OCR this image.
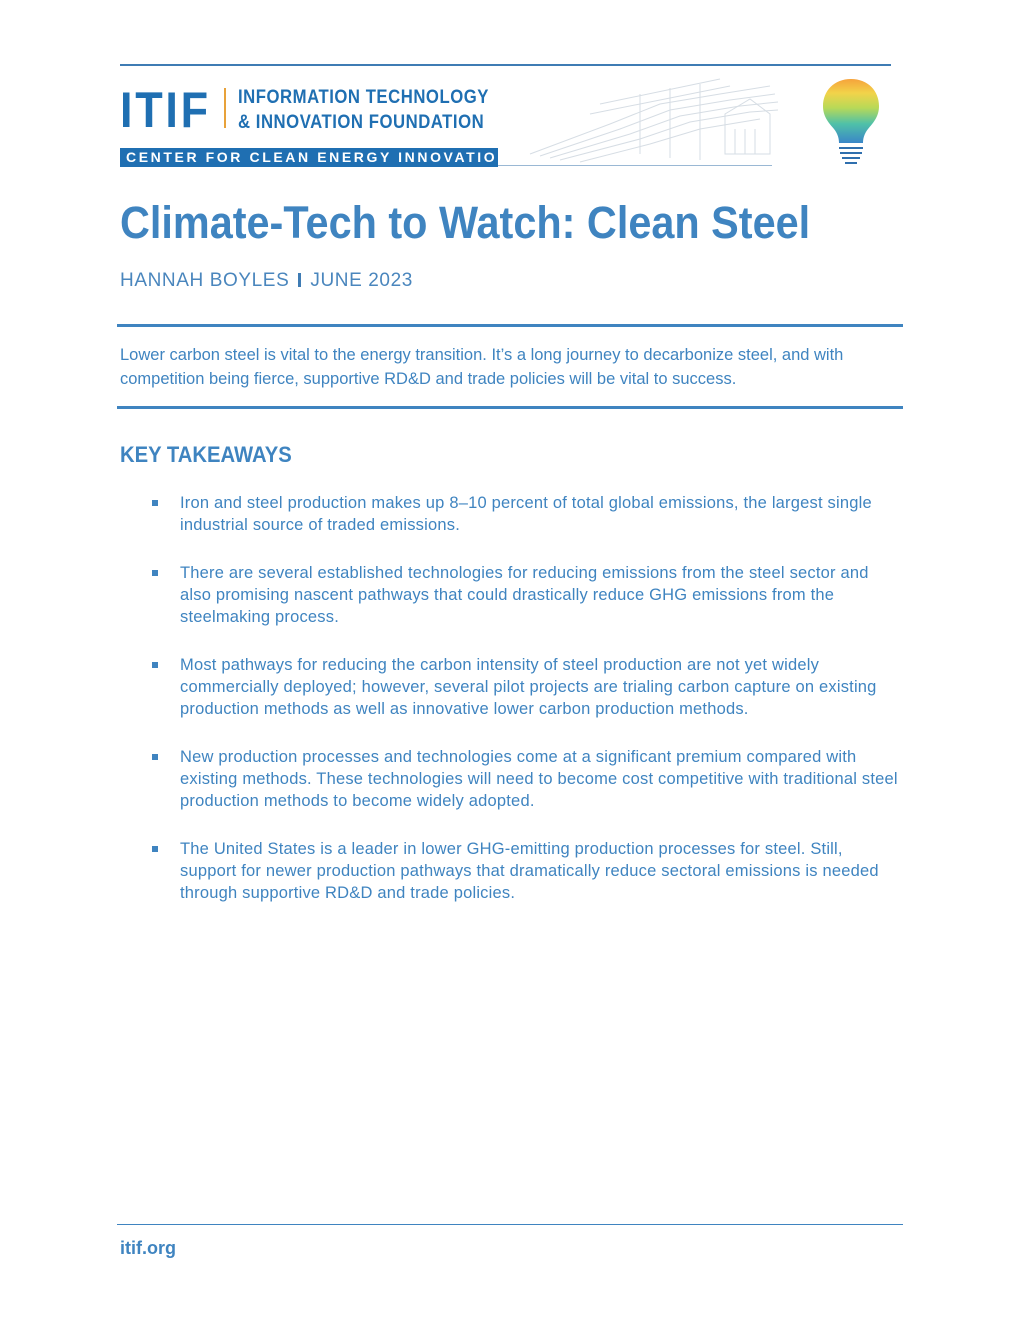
ITIF INFORMATION TECHNOLOGY
& INNOVATION FOUNDATION
CENTER FOR CLEAN ENERGY INNOVATION
Climate-Tech to Watch: Clean Steel
HANNAH BOYLES JUNE 2023

Lower carbon steel is vital to the energy transition. It’s a long journey to decarbonize steel, and with competition being fierce, supportive RD&D and trade policies will be vital to success.

KEY TAKEAWAYS
Iron and steel production makes up 8–10 percent of total global emissions, the largest single industrial source of traded emissions.
There are several established technologies for reducing emissions from the steel sector and also promising nascent pathways that could drastically reduce GHG emissions from the steelmaking process.
Most pathways for reducing the carbon intensity of steel production are not yet widely commercially deployed; however, several pilot projects are trialing carbon capture on existing production methods as well as innovative lower carbon production methods.
New production processes and technologies come at a significant premium compared with existing methods. These technologies will need to become cost competitive with traditional steel production methods to become widely adopted.
The United States is a leader in lower GHG-emitting production processes for steel. Still, support for newer production pathways that dramatically reduce sectoral emissions is needed through supportive RD&D and trade policies.
itif.org
